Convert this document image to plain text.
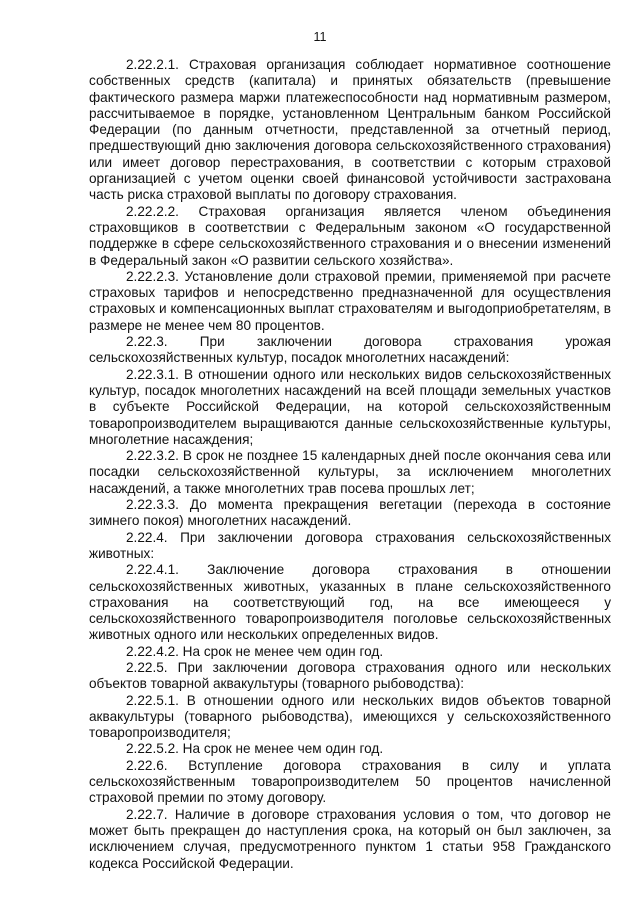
11

2.22.2.1. Страховая организация соблюдает нормативное соотношение собственных средств (капитала) и принятых обязательств (превышение фактического размера маржи платежеспособности над нормативным размером, рассчитываемое в порядке, установленном Центральным банком Российской Федерации (по данным отчетности, представленной за отчетный период, предшествующий дню заключения договора сельскохозяйственного страхования) или имеет договор перестрахования, в соответствии с которым страховой организацией с учетом оценки своей финансовой устойчивости застрахована часть риска страховой выплаты по договору страхования.

2.22.2.2. Страховая организация является членом объединения страховщиков в соответствии с Федеральным законом «О государственной поддержке в сфере сельскохозяйственного страхования и о внесении изменений в Федеральный закон «О развитии сельского хозяйства».

2.22.2.3. Установление доли страховой премии, применяемой при расчете страховых тарифов и непосредственно предназначенной для осуществления страховых и компенсационных выплат страхователям и выгодоприобретателям, в размере не менее чем 80 процентов.

2.22.3. При заключении договора страхования урожая сельскохозяйственных культур, посадок многолетних насаждений:

2.22.3.1. В отношении одного или нескольких видов сельскохозяйственных культур, посадок многолетних насаждений на всей площади земельных участков в субъекте Российской Федерации, на которой сельскохозяйственным товаропроизводителем выращиваются данные сельскохозяйственные культуры, многолетние насаждения;

2.22.3.2. В срок не позднее 15 календарных дней после окончания сева или посадки сельскохозяйственной культуры, за исключением многолетних насаждений, а также многолетних трав посева прошлых лет;

2.22.3.3. До момента прекращения вегетации (перехода в состояние зимнего покоя) многолетних насаждений.

2.22.4. При заключении договора страхования сельскохозяйственных животных:

2.22.4.1. Заключение договора страхования в отношении сельскохозяйственных животных, указанных в плане сельскохозяйственного страхования на соответствующий год, на все имеющееся у сельскохозяйственного товаропроизводителя поголовье сельскохозяйственных животных одного или нескольких определенных видов.

2.22.4.2. На срок не менее чем один год.

2.22.5. При заключении договора страхования одного или нескольких объектов товарной аквакультуры (товарного рыбоводства):

2.22.5.1. В отношении одного или нескольких видов объектов товарной аквакультуры (товарного рыбоводства), имеющихся у сельскохозяйственного товаропроизводителя;

2.22.5.2. На срок не менее чем один год.

2.22.6. Вступление договора страхования в силу и уплата сельскохозяйственным товаропроизводителем 50 процентов начисленной страховой премии по этому договору.

2.22.7. Наличие в договоре страхования условия о том, что договор не может быть прекращен до наступления срока, на который он был заключен, за исключением случая, предусмотренного пунктом 1 статьи 958 Гражданского кодекса Российской Федерации.
